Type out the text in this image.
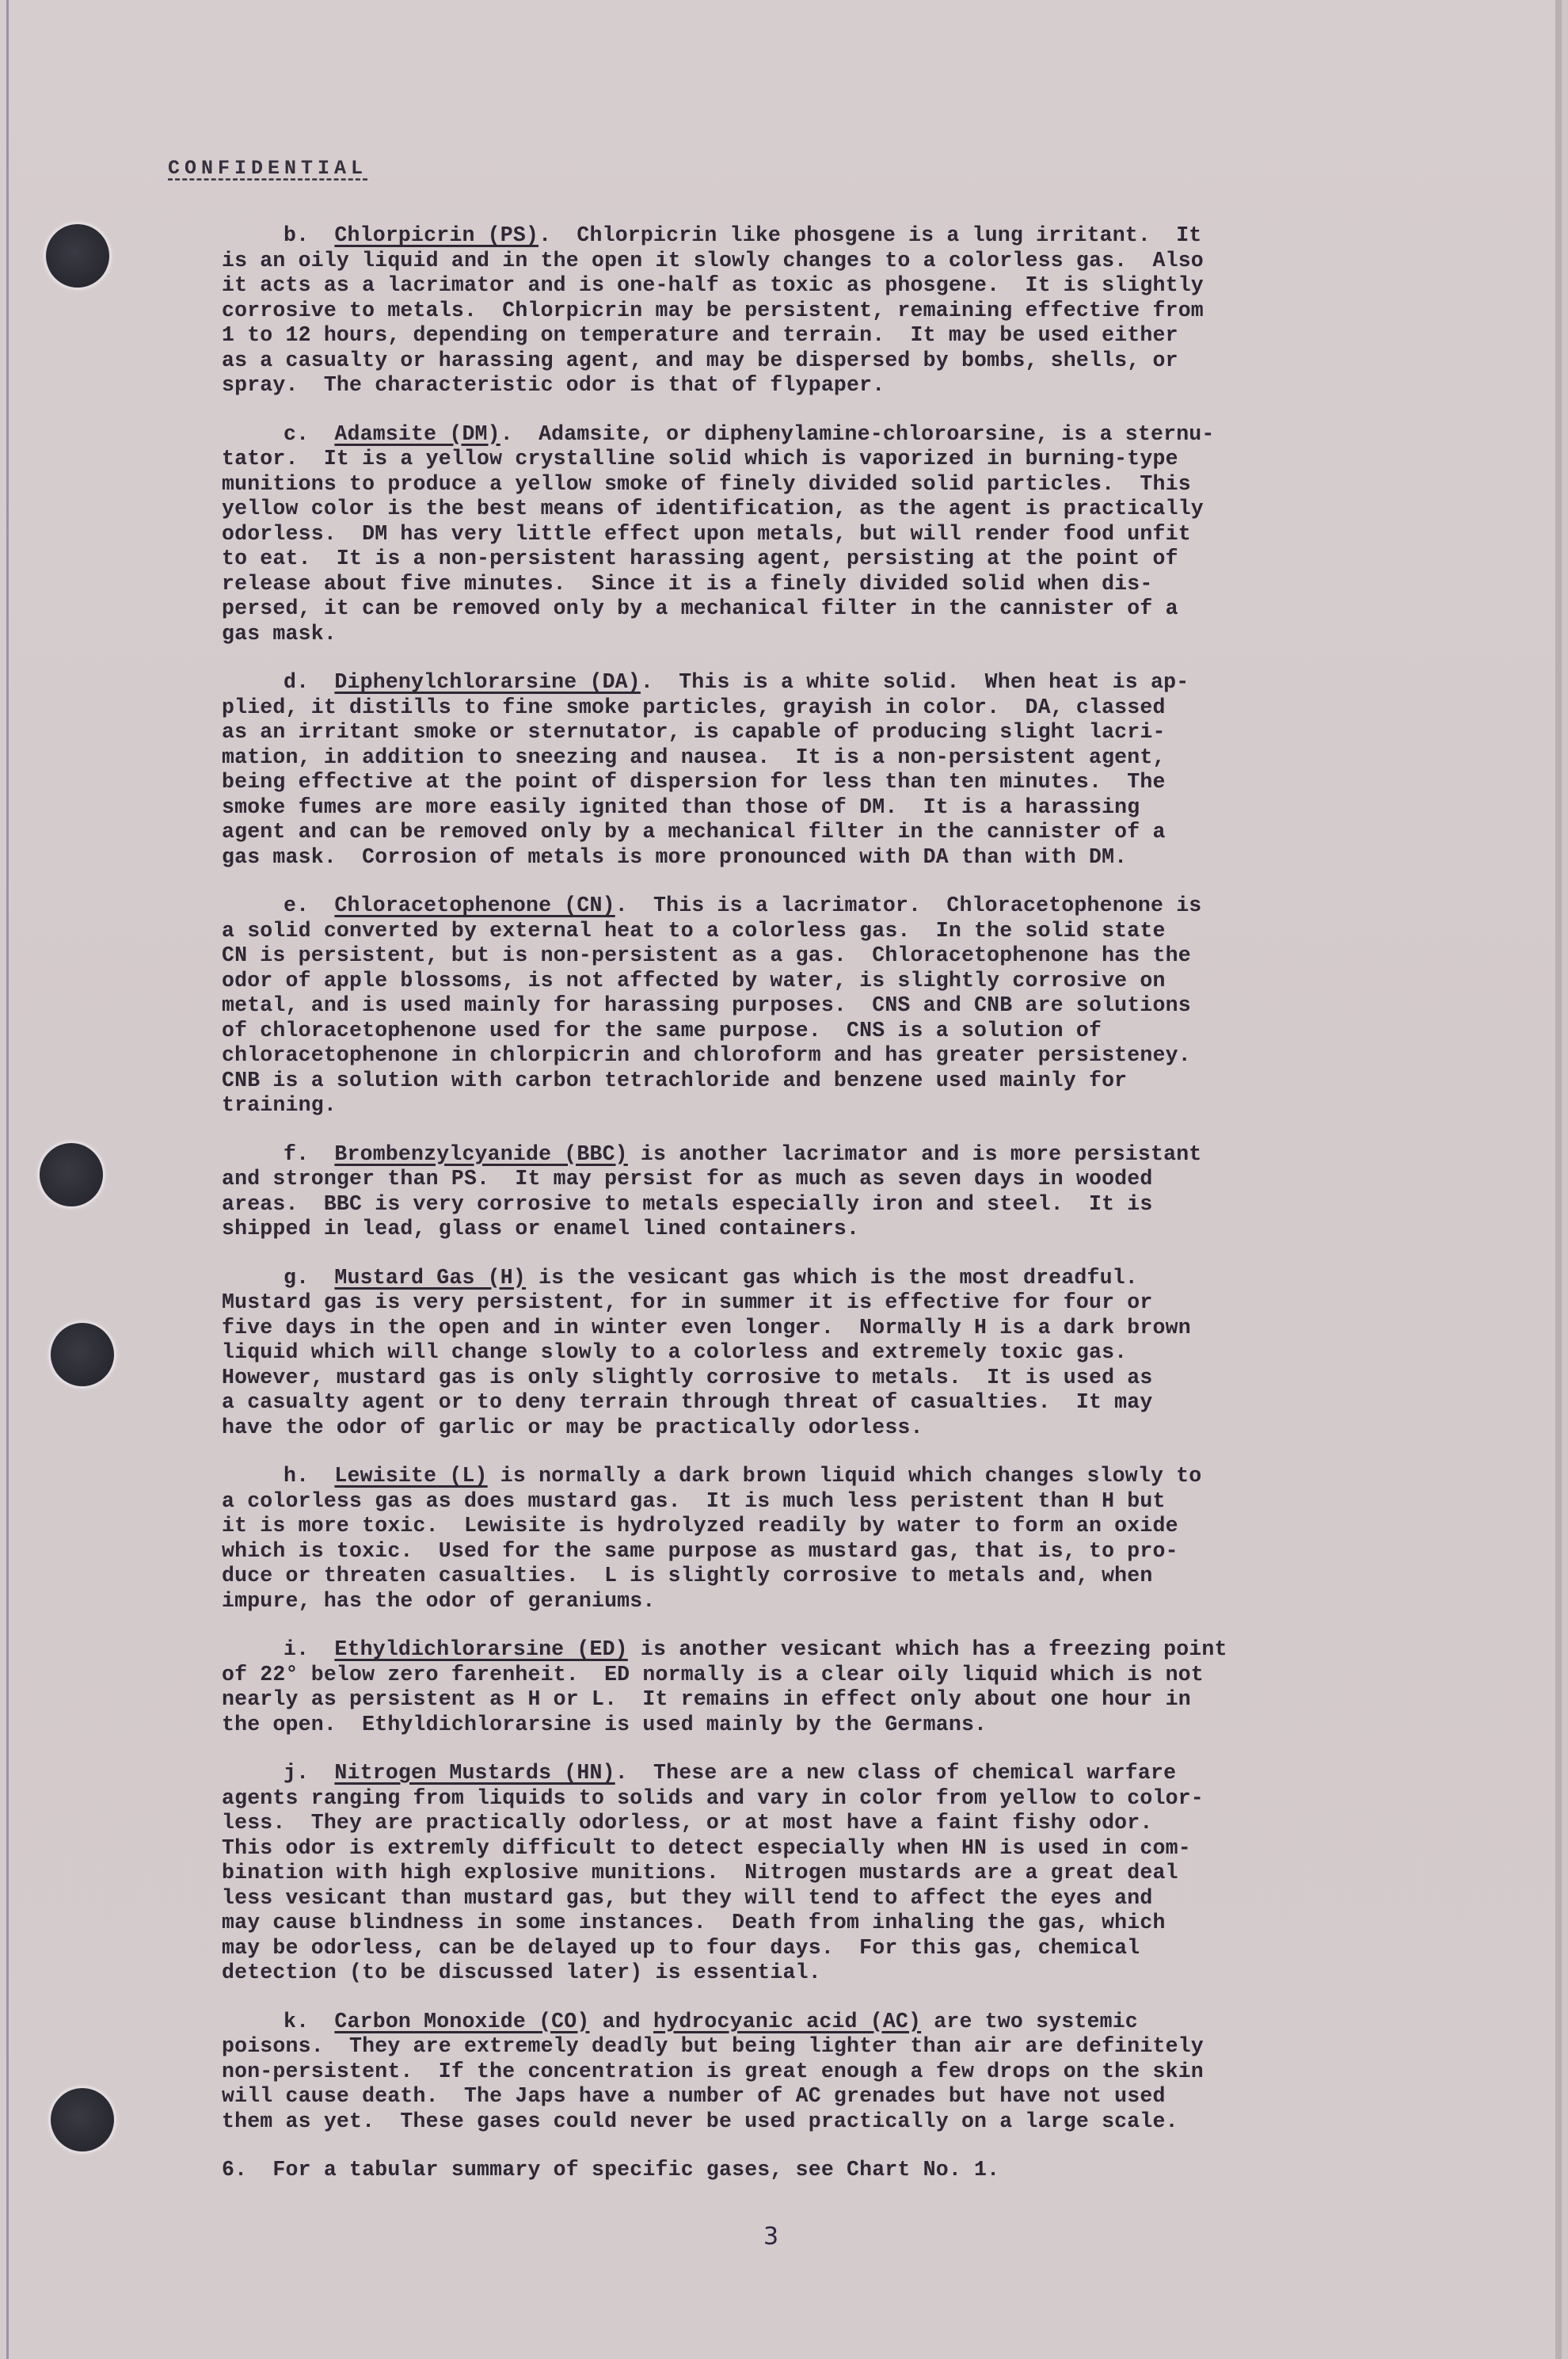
CONFIDENTIAL
b.  Chlorpicrin (PS).  Chlorpicrin like phosgene is a lung irritant.  It
is an oily liquid and in the open it slowly changes to a colorless gas.  Also
it acts as a lacrimator and is one-half as toxic as phosgene.  It is slightly
corrosive to metals.  Chlorpicrin may be persistent, remaining effective from
1 to 12 hours, depending on temperature and terrain.  It may be used either
as a casualty or harassing agent, and may be dispersed by bombs, shells, or
spray.  The characteristic odor is that of flypaper.
c.  Adamsite (DM).  Adamsite, or diphenylamine-chloroarsine, is a sternu-
tator.  It is a yellow crystalline solid which is vaporized in burning-type
munitions to produce a yellow smoke of finely divided solid particles.  This
yellow color is the best means of identification, as the agent is practically
odorless.  DM has very little effect upon metals, but will render food unfit
to eat.  It is a non-persistent harassing agent, persisting at the point of
release about five minutes.  Since it is a finely divided solid when dis-
persed, it can be removed only by a mechanical filter in the cannister of a
gas mask.
d.  Diphenylchlorarsine (DA).  This is a white solid.  When heat is ap-
plied, it distills to fine smoke particles, grayish in color.  DA, classed
as an irritant smoke or sternutator, is capable of producing slight lacri-
mation, in addition to sneezing and nausea.  It is a non-persistent agent,
being effective at the point of dispersion for less than ten minutes.  The
smoke fumes are more easily ignited than those of DM.  It is a harassing
agent and can be removed only by a mechanical filter in the cannister of a
gas mask.  Corrosion of metals is more pronounced with DA than with DM.
e.  Chloracetophenone (CN).  This is a lacrimator.  Chloracetophenone is
a solid converted by external heat to a colorless gas.  In the solid state
CN is persistent, but is non-persistent as a gas.  Chloracetophenone has the
odor of apple blossoms, is not affected by water, is slightly corrosive on
metal, and is used mainly for harassing purposes.  CNS and CNB are solutions
of chloracetophenone used for the same purpose.  CNS is a solution of
chloracetophenone in chlorpicrin and chloroform and has greater persisteney.
CNB is a solution with carbon tetrachloride and benzene used mainly for
training.
f.  Brombenzylcyanide (BBC) is another lacrimator and is more persistant
and stronger than PS.  It may persist for as much as seven days in wooded
areas.  BBC is very corrosive to metals especially iron and steel.  It is
shipped in lead, glass or enamel lined containers.
g.  Mustard Gas (H) is the vesicant gas which is the most dreadful.
Mustard gas is very persistent, for in summer it is effective for four or
five days in the open and in winter even longer.  Normally H is a dark brown
liquid which will change slowly to a colorless and extremely toxic gas.
However, mustard gas is only slightly corrosive to metals.  It is used as
a casualty agent or to deny terrain through threat of casualties.  It may
have the odor of garlic or may be practically odorless.
h.  Lewisite (L) is normally a dark brown liquid which changes slowly to
a colorless gas as does mustard gas.  It is much less peristent than H but
it is more toxic.  Lewisite is hydrolyzed readily by water to form an oxide
which is toxic.  Used for the same purpose as mustard gas, that is, to pro-
duce or threaten casualties.  L is slightly corrosive to metals and, when
impure, has the odor of geraniums.
i.  Ethyldichlorarsine (ED) is another vesicant which has a freezing point
of 22° below zero farenheit.  ED normally is a clear oily liquid which is not
nearly as persistent as H or L.  It remains in effect only about one hour in
the open.  Ethyldichlorarsine is used mainly by the Germans.
j.  Nitrogen Mustards (HN).  These are a new class of chemical warfare
agents ranging from liquids to solids and vary in color from yellow to color-
less.  They are practically odorless, or at most have a faint fishy odor.
This odor is extremly difficult to detect especially when HN is used in com-
bination with high explosive munitions.  Nitrogen mustards are a great deal
less vesicant than mustard gas, but they will tend to affect the eyes and
may cause blindness in some instances.  Death from inhaling the gas, which
may be odorless, can be delayed up to four days.  For this gas, chemical
detection (to be discussed later) is essential.
k.  Carbon Monoxide (CO) and hydrocyanic acid (AC) are two systemic
poisons.  They are extremely deadly but being lighter than air are definitely
non-persistent.  If the concentration is great enough a few drops on the skin
will cause death.  The Japs have a number of AC grenades but have not used
them as yet.  These gases could never be used practically on a large scale.
6.  For a tabular summary of specific gases, see Chart No. 1.
3
